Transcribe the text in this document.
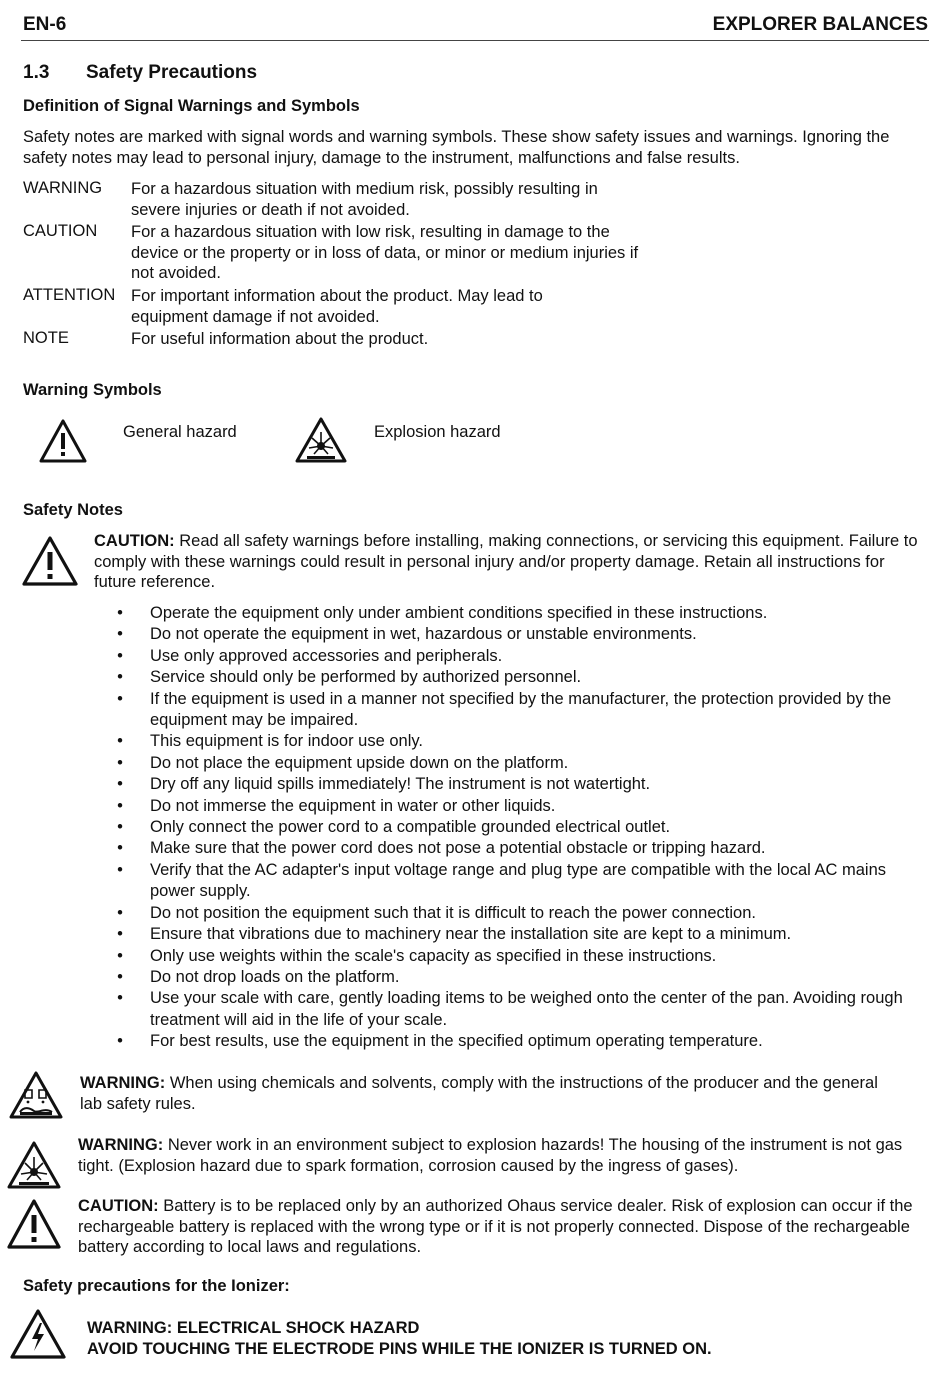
EN-6	EXPLORER BALANCES
1.3 Safety Precautions
Definition of Signal Warnings and Symbols
Safety notes are marked with signal words and warning symbols. These show safety issues and warnings. Ignoring the safety notes may lead to personal injury, damage to the instrument, malfunctions and false results.
WARNING For a hazardous situation with medium risk, possibly resulting in severe injuries or death if not avoided.
CAUTION For a hazardous situation with low risk, resulting in damage to the device or the property or in loss of data, or minor or medium injuries if not avoided.
ATTENTION For important information about the product. May lead to equipment damage if not avoided.
NOTE	For useful information about the product.
Warning Symbols
General hazard	Explosion hazard
Safety Notes
CAUTION: Read all safety warnings before installing, making connections, or servicing this equipment. Failure to comply with these warnings could result in personal injury and/or property damage. Retain all instructions for future reference.
•	Operate the equipment only under ambient conditions specified in these instructions.
•	Do not operate the equipment in wet, hazardous or unstable environments.
•	Use only approved accessories and peripherals.
•	Service should only be performed by authorized personnel.
•	If the equipment is used in a manner not specified by the manufacturer, the protection provided by the equipment may be impaired.
•	This equipment is for indoor use only.
•	Do not place the equipment upside down on the platform.
•	Dry off any liquid spills immediately! The instrument is not watertight.
•	Do not immerse the equipment in water or other liquids.
•	Only connect the power cord to a compatible grounded electrical outlet.
•	Make sure that the power cord does not pose a potential obstacle or tripping hazard.
•	Verify that the AC adapter's input voltage range and plug type are compatible with the local AC mains power supply.
•	Do not position the equipment such that it is difficult to reach the power connection.
•	Ensure that vibrations due to machinery near the installation site are kept to a minimum.
•	Only use weights within the scale's capacity as specified in these instructions.
•	Do not drop loads on the platform.
•	Use your scale with care, gently loading items to be weighed onto the center of the pan. Avoiding rough treatment will aid in the life of your scale.
•	For best results, use the equipment in the specified optimum operating temperature.
WARNING: When using chemicals and solvents, comply with the instructions of the producer and the general lab safety rules.
WARNING: Never work in an environment subject to explosion hazards! The housing of the instrument is not gas tight. (Explosion hazard due to spark formation, corrosion caused by the ingress of gases).
CAUTION: Battery is to be replaced only by an authorized Ohaus service dealer. Risk of explosion can occur if the rechargeable battery is replaced with the wrong type or if it is not properly connected. Dispose of the rechargeable battery according to local laws and regulations.
Safety precautions for the Ionizer:
WARNING: ELECTRICAL SHOCK HAZARD
AVOID TOUCHING THE ELECTRODE PINS WHILE THE IONIZER IS TURNED ON.
